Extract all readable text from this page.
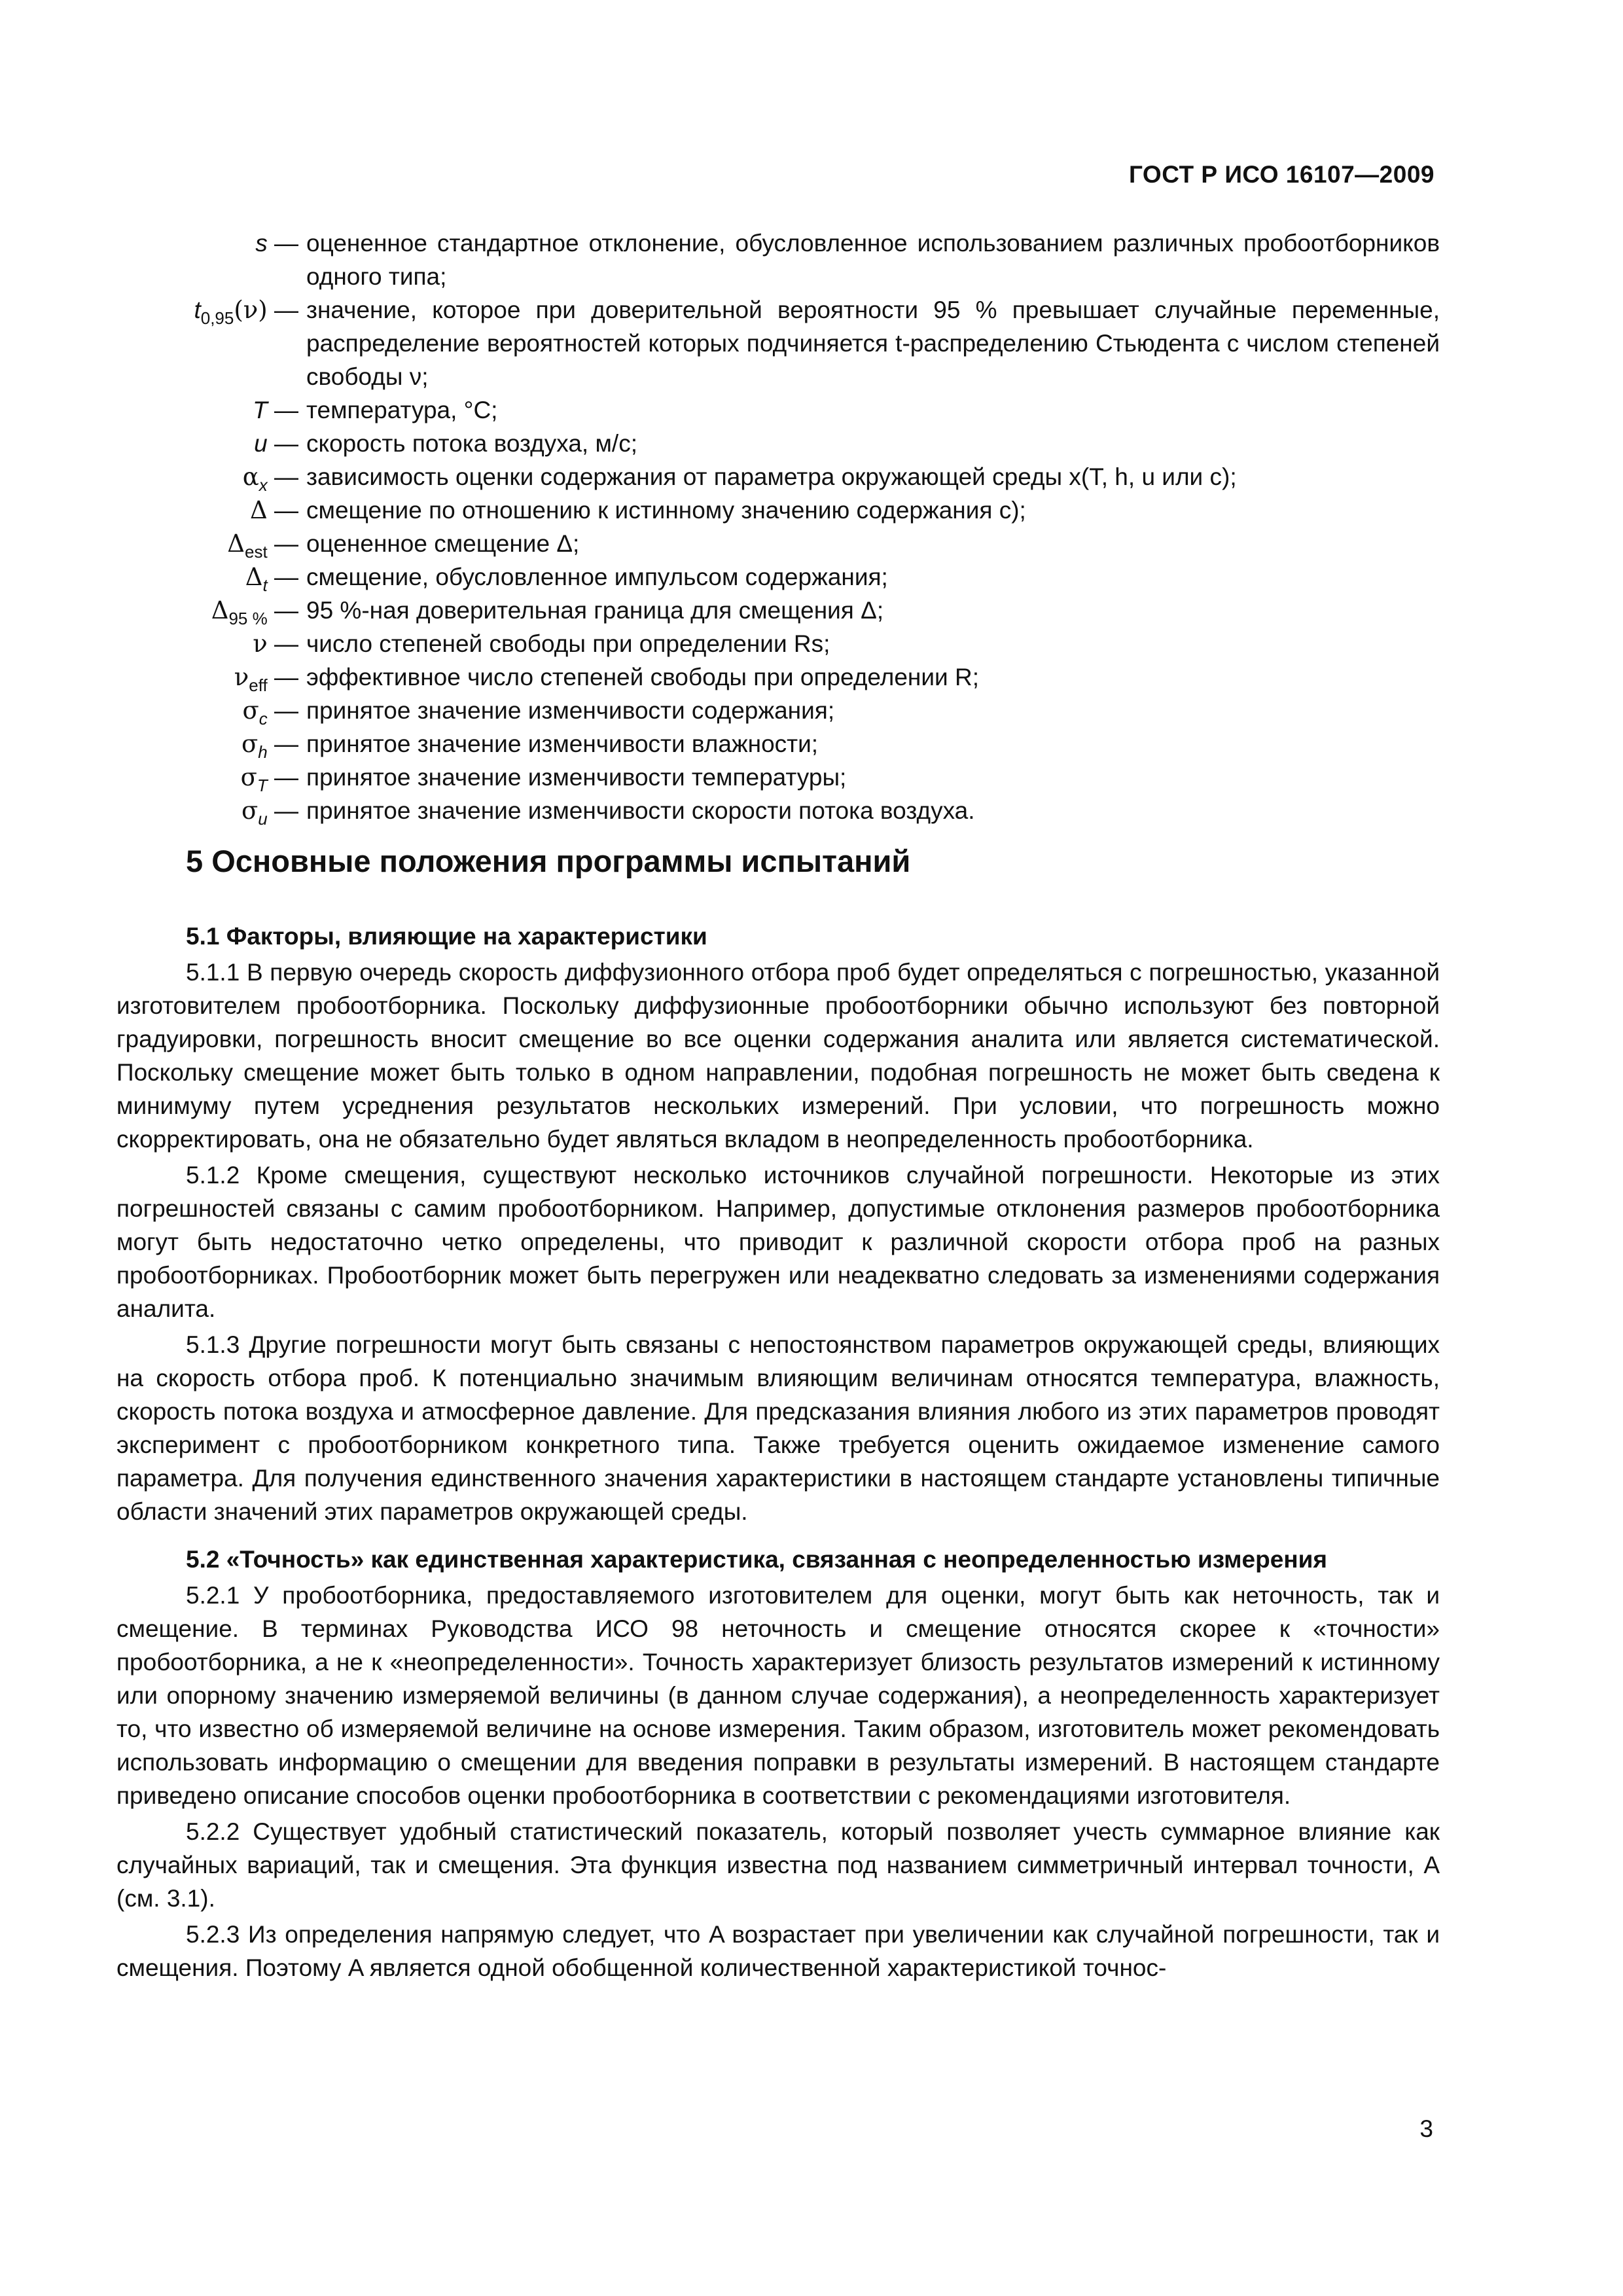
ГОСТ Р ИСО 16107—2009
s — оцененное стандартное отклонение, обусловленное использованием различных пробоотборников одного типа;
$t_{0,95}(\nu)$ — значение, которое при доверительной вероятности 95 % превышает случайные переменные, распределение вероятностей которых подчиняется t-распределению Стьюдента с числом степеней свободы ν;
T — температура, °C;
u — скорость потока воздуха, м/с;
$\alpha_x$ — зависимость оценки содержания от параметра окружающей среды x(T, h, u или c);
Δ — смещение по отношению к истинному значению содержания c);
$\Delta_{est}$ — оцененное смещение Δ;
$\Delta_t$ — смещение, обусловленное импульсом содержания;
$\Delta_{95 \%}$ — 95 %-ная доверительная граница для смещения Δ;
ν — число степеней свободы при определении Rs;
$\nu_{eff}$ — эффективное число степеней свободы при определении R;
$\sigma_c$ — принятое значение изменчивости содержания;
$\sigma_h$ — принятое значение изменчивости влажности;
$\sigma_T$ — принятое значение изменчивости температуры;
$\sigma_u$ — принятое значение изменчивости скорости потока воздуха.
5 Основные положения программы испытаний
5.1 Факторы, влияющие на характеристики

5.1.1 В первую очередь скорость диффузионного отбора проб будет определяться с погрешностью, указанной изготовителем пробоотборника. Поскольку диффузионные пробоотборники обычно используют без повторной градуировки, погрешность вносит смещение во все оценки содержания аналита или является систематической. Поскольку смещение может быть только в одном направлении, подобная погрешность не может быть сведена к минимуму путем усреднения результатов нескольких измерений. При условии, что погрешность можно скорректировать, она не обязательно будет являться вкладом в неопределенность пробоотборника.

5.1.2 Кроме смещения, существуют несколько источников случайной погрешности. Некоторые из этих погрешностей связаны с самим пробоотборником. Например, допустимые отклонения размеров пробоотборника могут быть недостаточно четко определены, что приводит к различной скорости отбора проб на разных пробоотборниках. Пробоотборник может быть перегружен или неадекватно следовать за изменениями содержания аналита.

5.1.3 Другие погрешности могут быть связаны с непостоянством параметров окружающей среды, влияющих на скорость отбора проб. К потенциально значимым влияющим величинам относятся температура, влажность, скорость потока воздуха и атмосферное давление. Для предсказания влияния любого из этих параметров проводят эксперимент с пробоотборником конкретного типа. Также требуется оценить ожидаемое изменение самого параметра. Для получения единственного значения характеристики в настоящем стандарте установлены типичные области значений этих параметров окружающей среды.

5.2 «Точность» как единственная характеристика, связанная с неопределенностью измерения

5.2.1 У пробоотборника, предоставляемого изготовителем для оценки, могут быть как неточность, так и смещение. В терминах Руководства ИСО 98 неточность и смещение относятся скорее к «точности» пробоотборника, а не к «неопределенности». Точность характеризует близость результатов измерений к истинному или опорному значению измеряемой величины (в данном случае содержания), а неопределенность характеризует то, что известно об измеряемой величине на основе измерения. Таким образом, изготовитель может рекомендовать использовать информацию о смещении для введения поправки в результаты измерений. В настоящем стандарте приведено описание способов оценки пробоотборника в соответствии с рекомендациями изготовителя.

5.2.2 Существует удобный статистический показатель, который позволяет учесть суммарное влияние как случайных вариаций, так и смещения. Эта функция известна под названием симметричный интервал точности, A (см. 3.1).

5.2.3 Из определения напрямую следует, что A возрастает при увеличении как случайной погрешности, так и смещения. Поэтому A является одной обобщенной количественной характеристикой точнос-

3
